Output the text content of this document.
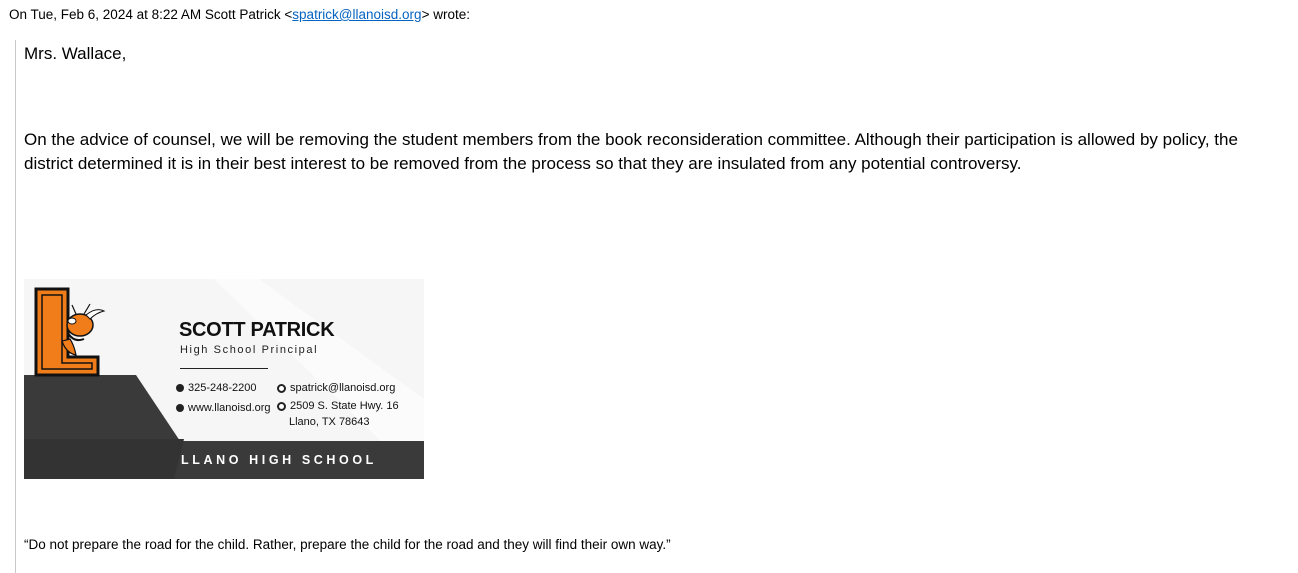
On Tue, Feb 6, 2024 at 8:22 AM Scott Patrick <spatrick@llanoisd.org> wrote:
Mrs. Wallace,
On the advice of counsel, we will be removing the student members from the book reconsideration committee. Although their participation is allowed by policy, the district determined it is in their best interest to be removed from the process so that they are insulated from any potential controversy.
SCOTT PATRICK
High School Principal
325-248-2200
www.llanoisd.org
spatrick@llanoisd.org
2509 S. State Hwy. 16
Llano, TX 78643
LLANO HIGH SCHOOL
“Do not prepare the road for the child. Rather, prepare the child for the road and they will find their own way.”
